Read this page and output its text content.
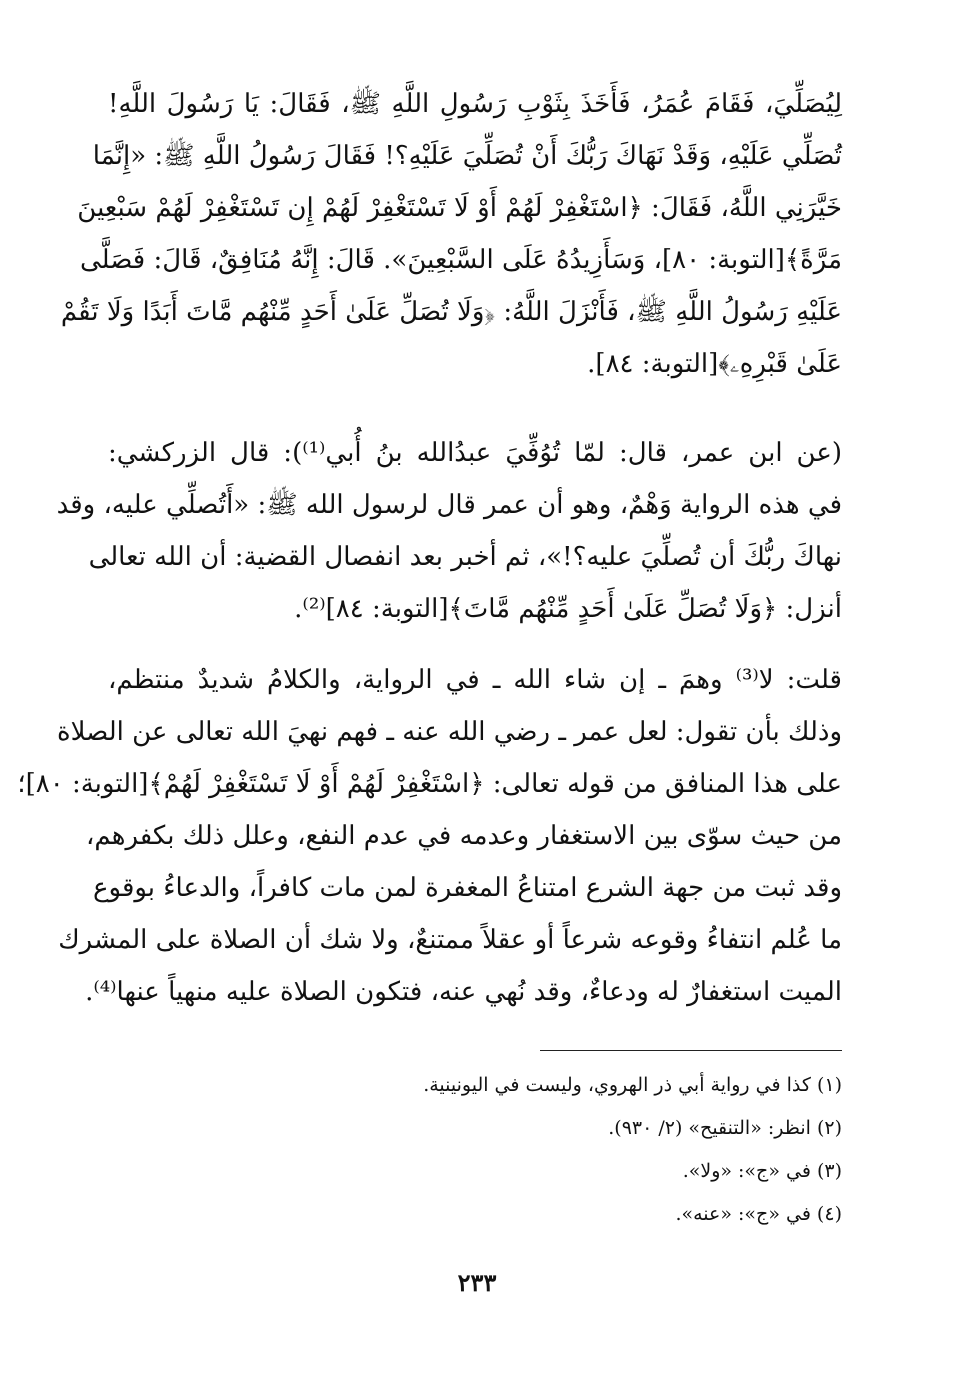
لِيُصَلِّيَ، فَقَامَ عُمَرُ، فَأَخَذَ بِثَوْبِ رَسُولِ اللَّهِ ﷺ، فَقَالَ: يَا رَسُولَ اللَّهِ!
تُصَلِّي عَلَيْهِ، وَقَدْ نَهَاكَ رَبُّكَ أَنْ تُصَلِّيَ عَلَيْهِ؟! فَقَالَ رَسُولُ اللَّهِ ﷺ: «إِنَّمَا
خَيَّرَنِي اللَّهُ، فَقَالَ: ﴿اسْتَغْفِرْ لَهُمْ أَوْ لَا تَسْتَغْفِرْ لَهُمْ إِن تَسْتَغْفِرْ لَهُمْ سَبْعِينَ
مَرَّةً﴾[التوبة: ٨٠]، وَسَأَزِيدُهُ عَلَى السَّبْعِينَ». قَالَ: إِنَّهُ مُنَافِقٌ، قَالَ: فَصَلَّى
عَلَيْهِ رَسُولُ اللَّهِ ﷺ، فَأَنْزَلَ اللَّهُ: ﴿وَلَا تُصَلِّ عَلَىٰ أَحَدٍ مِّنْهُم مَّاتَ أَبَدًا وَلَا تَقُمْ
عَلَىٰ قَبْرِهِۦ﴾[التوبة: ٨٤].
(عن ابن عمر، قال: لمّا تُوُفِّيَ عبدُالله بنُ أُبي⁽¹⁾): قال الزركشي:
في هذه الرواية وَهْمٌ، وهو أن عمر قال لرسول الله ﷺ: «أَتُصلِّي عليه، وقد
نهاكَ ربُّكَ أن تُصلِّيَ عليه؟!»، ثم أخبر بعد انفصال القضية: أن الله تعالى
أنزل: ﴿وَلَا تُصَلِّ عَلَىٰ أَحَدٍ مِّنْهُم مَّاتَ﴾[التوبة: ٨٤]⁽²⁾.
قلت: لا⁽³⁾ وهمَ ـ إن شاء الله ـ في الرواية، والكلامُ شديدٌ منتظم،
وذلك بأن تقول: لعل عمر ـ رضي الله عنه ـ فهم نهيَ الله تعالى عن الصلاة
على هذا المنافق من قوله تعالى: ﴿اسْتَغْفِرْ لَهُمْ أَوْ لَا تَسْتَغْفِرْ لَهُمْ﴾[التوبة: ٨٠]؛
من حيث سوّى بين الاستغفار وعدمه في عدم النفع، وعلل ذلك بكفرهم،
وقد ثبت من جهة الشرع امتناعُ المغفرة لمن مات كافراً، والدعاءُ بوقوع
ما عُلم انتفاءُ وقوعه شرعاً أو عقلاً ممتنعٌ، ولا شك أن الصلاة على المشرك
الميت استغفارٌ له ودعاءٌ، وقد نُهي عنه، فتكون الصلاة عليه منهياً عنها⁽⁴⁾.
(١) كذا في رواية أبي ذر الهروي، وليست في اليونينية.
(٢) انظر: «التنقيح» (٢/ ٩٣٠).
(٣) في «ج»: «ولا».
(٤) في «ج»: «عنه».
٢٣٣
